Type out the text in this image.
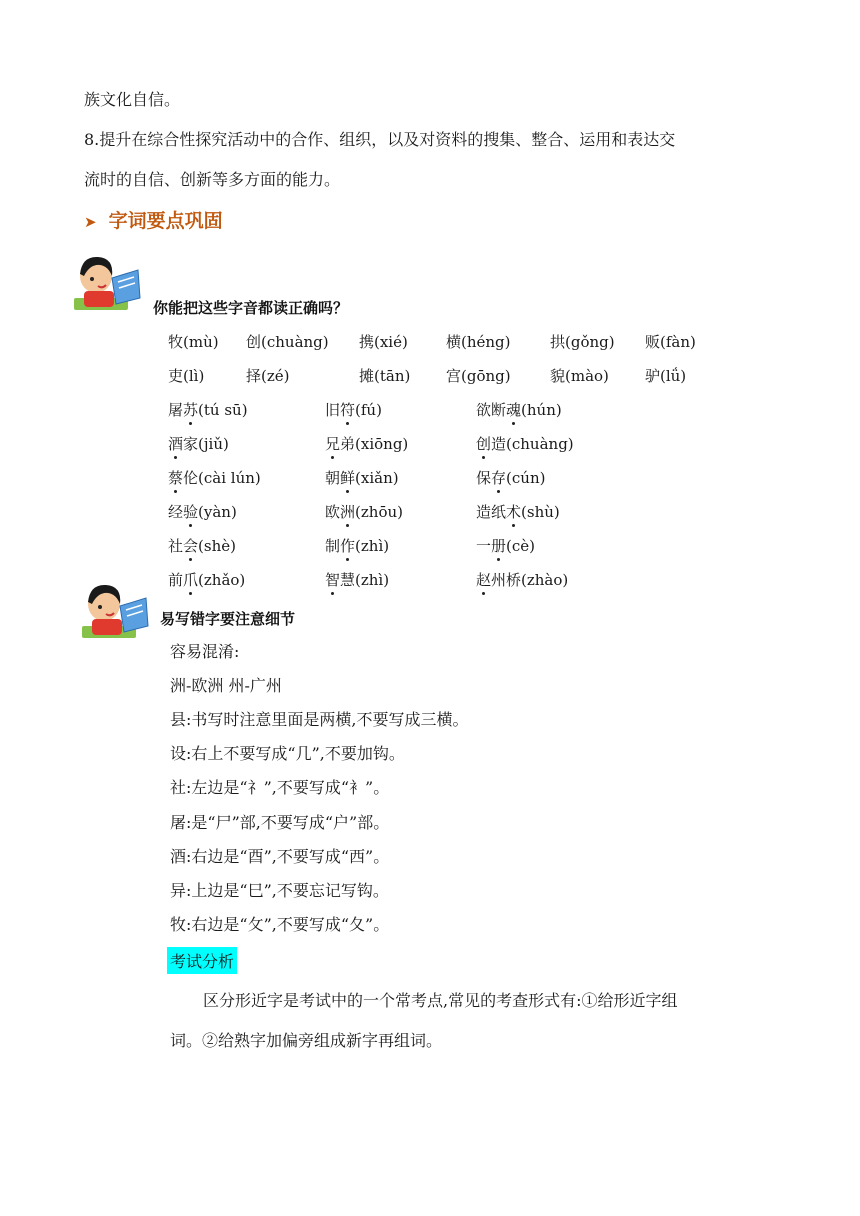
族文化自信。
8.提升在综合性探究活动中的合作、组织，以及对资料的搜集、整合、运用和表达交
流时的自信、创新等多方面的能力。
➤ 字词要点巩固
你能把这些字音都读正确吗？
牧(mù) 创(chuàng) 携(xié)	横(héng)	拱(gǒng) 贩(fàn)
吏(lì)	择(zé)	摊(tān) 宫(gōng)	貌(mào) 驴(lǘ)
屠苏(tú sū)	旧符(fú)	欲断魂(hún)
酒家(jiǔ)	兄弟(xiōng)	创造(chuàng)
蔡伦(cài lún)	朝鲜(xiǎn)	保存(cún)
经验(yàn)	欧洲(zhōu)	造纸术(shù)
社会(shè)	制作(zhì)	一册(cè)
前爪(zhǎo)	智慧(zhì)	赵州桥(zhào)
易写错字要注意细节
容易混淆:
洲-欧洲 州-广州
县:书写时注意里面是两横,不要写成三横。
设:右上不要写成“几”,不要加钩。
社:左边是“礻”,不要写成“衤”。
屠:是“尸”部,不要写成“户”部。
酒:右边是“酉”,不要写成“西”。
异:上边是“巳”,不要忘记写钩。
牧:右边是“攵”,不要写成“夂”。
考试分析
区分形近字是考试中的一个常考点,常见的考查形式有:①给形近字组
词。②给熟字加偏旁组成新字再组词。
